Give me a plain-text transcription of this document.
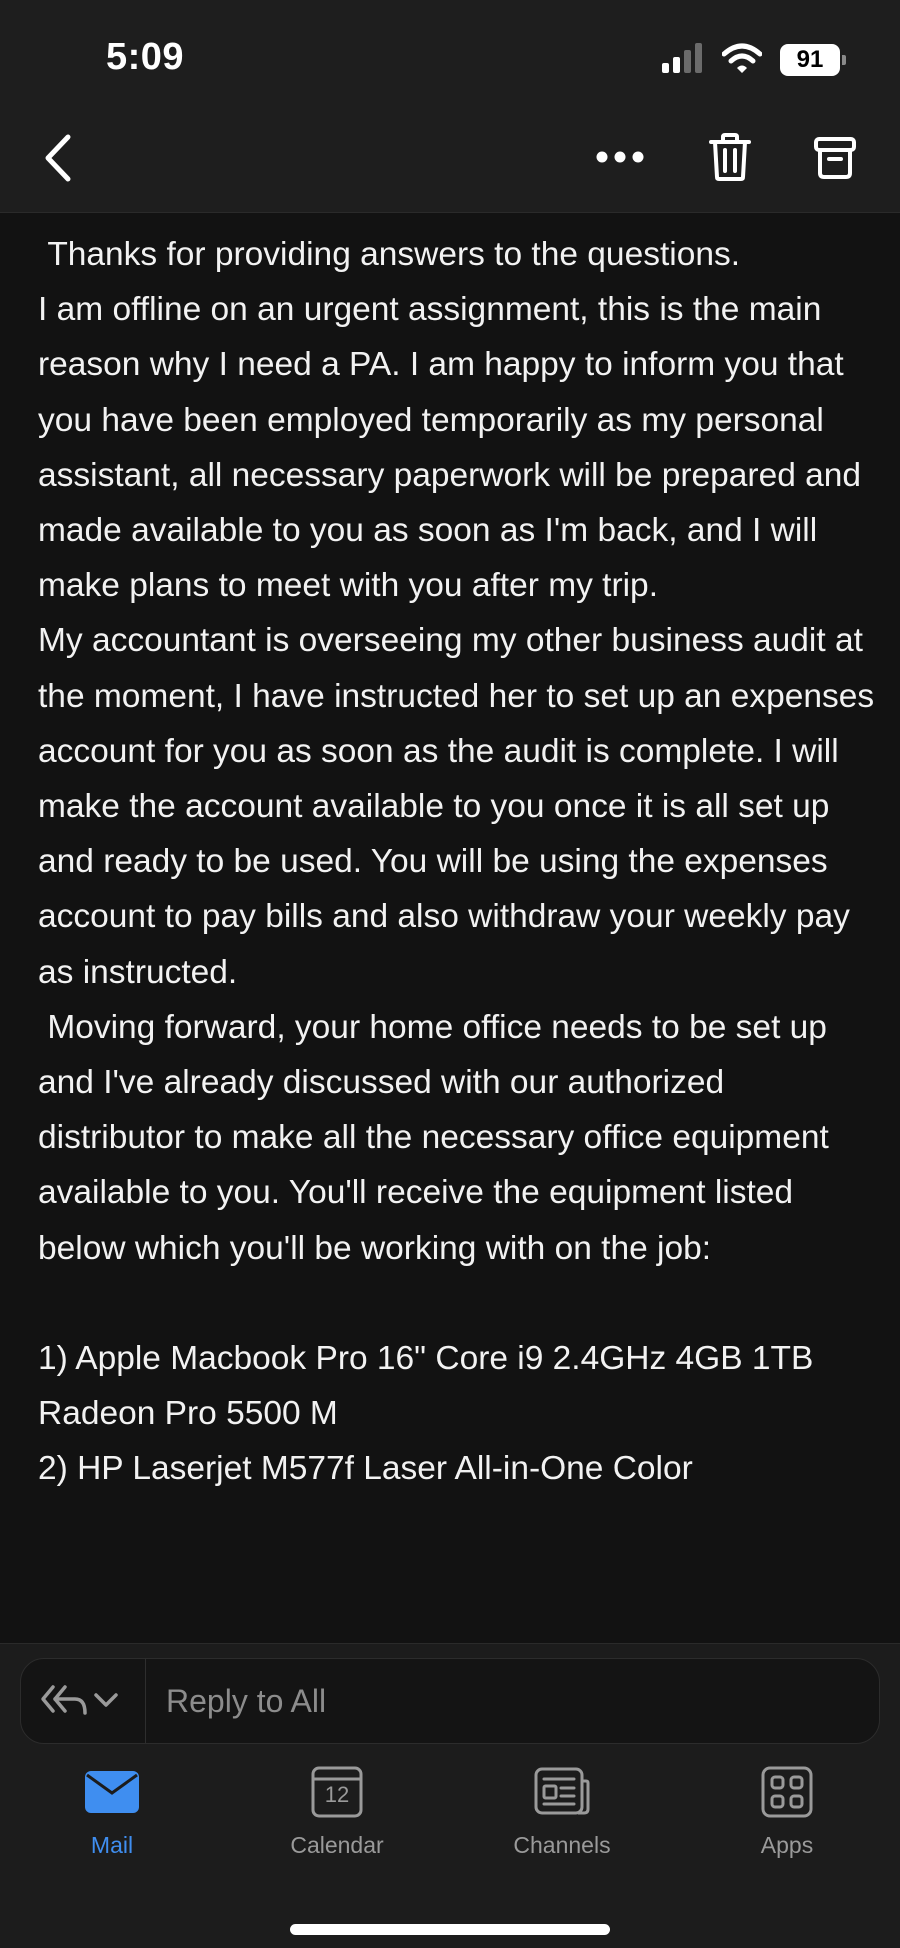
5:09	91
Thanks for providing answers to the questions.
I am offline on an urgent assignment, this is the main reason why I need a PA. I am happy to inform you that you have been employed temporarily as my personal assistant, all necessary paperwork will be prepared and made available to you as soon as I'm back, and I will make plans to meet with you after my trip.
My accountant is overseeing my other business audit at the moment, I have instructed her to set up an expenses account for you as soon as the audit is complete. I will make the account available to you once it is all set up and ready to be used. You will be using the expenses account to pay bills and also withdraw your weekly pay as instructed.
Moving forward, your home office needs to be set up and I've already discussed with our authorized distributor to make all the necessary office equipment available to you. You'll receive the equipment listed below which you'll be working with on the job:

1) Apple Macbook Pro 16" Core i9 2.4GHz 4GB 1TB Radeon Pro 5500 M
2) HP Laserjet M577f Laser All-in-One Color
Reply to All
Mail
12
Calendar	Channels	Apps
